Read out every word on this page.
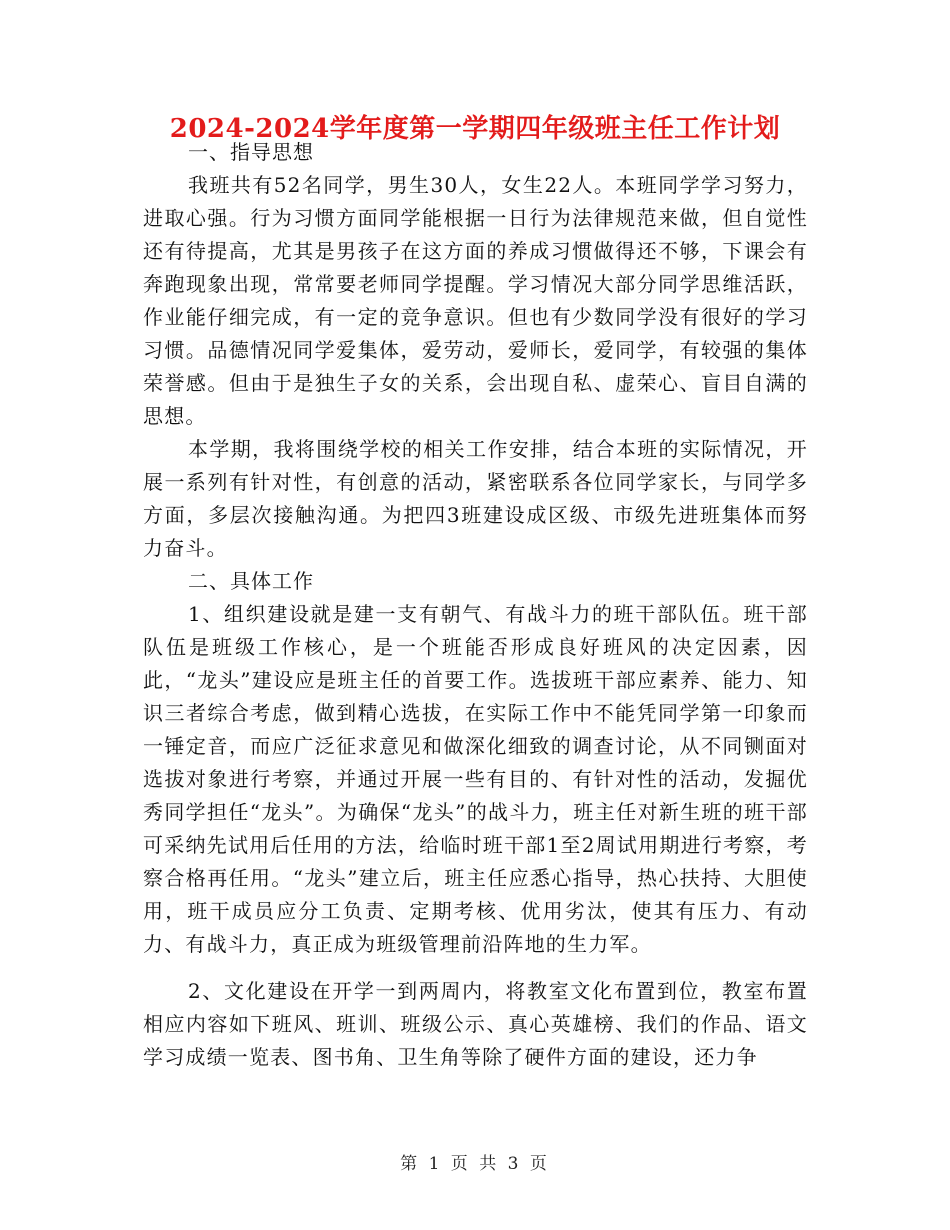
2024-2024学年度第一学期四年级班主任工作计划
一、指导思想

我班共有52名同学，男生30人，女生22人。本班同学学习努力，进取心强。行为习惯方面同学能根据一日行为法律规范来做，但自觉性还有待提高，尤其是男孩子在这方面的养成习惯做得还不够，下课会有奔跑现象出现，常常要老师同学提醒。学习情况大部分同学思维活跃，作业能仔细完成，有一定的竞争意识。但也有少数同学没有很好的学习习惯。品德情况同学爱集体，爱劳动，爱师长，爱同学，有较强的集体荣誉感。但由于是独生子女的关系，会出现自私、虚荣心、盲目自满的思想。

本学期，我将围绕学校的相关工作安排，结合本班的实际情况，开展一系列有针对性，有创意的活动，紧密联系各位同学家长，与同学多方面，多层次接触沟通。为把四3班建设成区级、市级先进班集体而努力奋斗。

二、具体工作

1、组织建设就是建一支有朝气、有战斗力的班干部队伍。班干部队伍是班级工作核心，是一个班能否形成良好班风的决定因素，因此，“龙头”建设应是班主任的首要工作。选拔班干部应素养、能力、知识三者综合考虑，做到精心选拔，在实际工作中不能凭同学第一印象而一锤定音，而应广泛征求意见和做深化细致的调查讨论，从不同铡面对选拔对象进行考察，并通过开展一些有目的、有针对性的活动，发掘优秀同学担任“龙头”。为确保“龙头”的战斗力，班主任对新生班的班干部可采纳先试用后任用的方法，给临时班干部1至2周试用期进行考察，考察合格再任用。“龙头”建立后，班主任应悉心指导，热心扶持、大胆使用，班干成员应分工负责、定期考核、优用劣汰，使其有压力、有动力、有战斗力，真正成为班级管理前沿阵地的生力军。

2、文化建设在开学一到两周内，将教室文化布置到位，教室布置相应内容如下班风、班训、班级公示、真心英雄榜、我们的作品、语文学习成绩一览表、图书角、卫生角等除了硬件方面的建设，还力争

第 1 页 共 3 页
